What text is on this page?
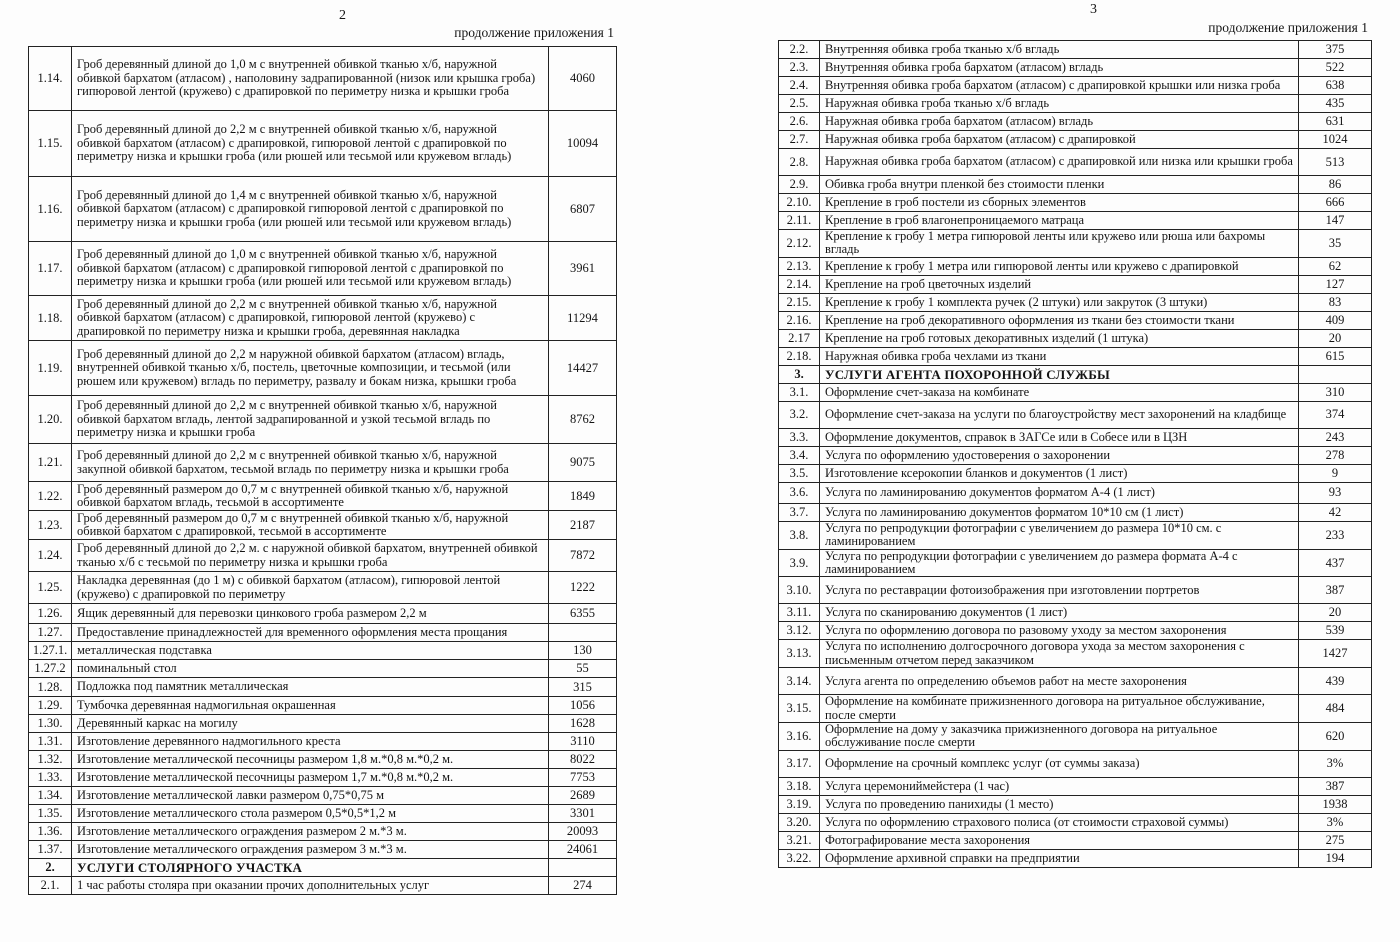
2
продолжение приложения 1
1.14.	Гроб деревянный длиной до 1,0 м с внутренней обивкой тканью х/б, наружной обивкой бархатом (атласом) , наполовину задрапированной (низок или крышка гроба) гипюровой лентой (кружево) с драпировкой по периметру низка и крышки гроба	4060
1.15.	Гроб деревянный длиной до 2,2 м с внутренней обивкой тканью х/б, наружной обивкой бархатом (атласом) с драпировкой, гипюровой лентой с драпировкой по периметру низка и крышки гроба (или рюшей или тесьмой или кружевом вгладь)	10094
1.16.	Гроб деревянный длиной до 1,4 м с внутренней обивкой тканью х/б, наружной обивкой бархатом (атласом) с драпировкой гипюровой лентой с драпировкой по периметру низка и крышки гроба (или рюшей или тесьмой или кружевом вгладь)	6807
1.17.	Гроб деревянный длиной до 1,0 м с внутренней обивкой тканью х/б, наружной обивкой бархатом (атласом) с драпировкой гипюровой лентой с драпировкой по периметру низка и крышки гроба (или рюшей или тесьмой или кружевом вгладь)	3961
1.18.	Гроб деревянный длиной до 2,2 м с внутренней обивкой тканью х/б, наружной обивкой бархатом (атласом) с драпировкой, гипюровой лентой (кружево) с драпировкой по периметру низка и крышки гроба, деревянная накладка	11294
1.19.	Гроб деревянный длиной до 2,2 м наружной обивкой бархатом (атласом) вгладь, внутренней обивкой тканью х/б, постель, цветочные композиции, и тесьмой (или рюшем или кружевом) вгладь по периметру, развалу и бокам низка, крышки гроба	14427
1.20.	Гроб деревянный длиной до 2,2 м с внутренней обивкой тканью х/б, наружной обивкой бархатом вгладь, лентой задрапированной и узкой тесьмой вгладь по периметру низка и крышки гроба	8762
1.21.	Гроб деревянный длиной до 2,2 м с внутренней обивкой тканью х/б, наружной закупной обивкой бархатом, тесьмой вгладь по периметру низка и крышки гроба	9075
1.22.	Гроб деревянный размером до 0,7 м с внутренней обивкой тканью х/б, наружной обивкой бархатом вгладь, тесьмой в ассортименте	1849
1.23.	Гроб деревянный размером до 0,7 м с внутренней обивкой тканью х/б, наружной обивкой бархатом с драпировкой, тесьмой в ассортименте	2187
1.24.	Гроб деревянный длиной до 2,2 м. с наружной обивкой бархатом, внутренней обивкой тканью х/б с тесьмой по периметру низка и крышки гроба	7872
1.25.	Накладка деревянная (до 1 м) с обивкой бархатом (атласом), гипюровой лентой (кружево) с драпировкой по периметру	1222
1.26.	Ящик деревянный для перевозки цинкового гроба размером 2,2 м	6355
1.27.	Предоставление принадлежностей для временного оформления места прощания	
1.27.1.	металлическая подставка	130
1.27.2	поминальный стол	55
1.28.	Подложка под памятник металлическая	315
1.29.	Тумбочка деревянная надмогильная окрашенная	1056
1.30.	Деревянный каркас на могилу	1628
1.31.	Изготовление деревянного надмогильного креста	3110
1.32.	Изготовление металлической песочницы размером 1,8 м.*0,8 м.*0,2 м.	8022
1.33.	Изготовление металлической песочницы размером 1,7 м.*0,8 м.*0,2 м.	7753
1.34.	Изготовление металлической лавки размером 0,75*0,75 м	2689
1.35.	Изготовление металлического стола размером 0,5*0,5*1,2 м	3301
1.36.	Изготовление металлического ограждения размером 2 м.*3 м.	20093
1.37.	Изготовление металлического ограждения размером 3 м.*3 м.	24061
2.	УСЛУГИ СТОЛЯРНОГО УЧАСТКА	
2.1.	1 час работы столяра при оказании прочих дополнительных услуг	274
3
продолжение приложения 1
2.2.	Внутренняя обивка гроба тканью х/б вгладь	375
2.3.	Внутренняя обивка гроба бархатом (атласом) вгладь	522
2.4.	Внутренняя обивка гроба бархатом (атласом) с драпировкой крышки или низка гроба	638
2.5.	Наружная обивка гроба тканью х/б вгладь	435
2.6.	Наружная обивка гроба бархатом (атласом) вгладь	631
2.7.	Наружная обивка гроба бархатом (атласом) с драпировкой	1024
2.8.	Наружная обивка гроба бархатом (атласом) с драпировкой или низка или крышки гроба	513
2.9.	Обивка гроба внутри пленкой без стоимости пленки	86
2.10.	Крепление в гроб постели из сборных элементов	666
2.11.	Крепление в гроб влагонепроницаемого матраца	147
2.12.	Крепление к гробу 1 метра гипюровой ленты или кружево или рюша или бахромы вгладь	35
2.13.	Крепление к гробу 1 метра или гипюровой ленты или кружево с драпировкой	62
2.14.	Крепление на гроб цветочных изделий	127
2.15.	Крепление к гробу 1 комплекта ручек (2 штуки) или закруток (3 штуки)	83
2.16.	Крепление на гроб декоративного оформления из ткани без стоимости ткани	409
2.17	Крепление на гроб готовых декоративных изделий (1 штука)	20
2.18.	Наружная обивка гроба чехлами из ткани	615
3.	УСЛУГИ АГЕНТА ПОХОРОННОЙ СЛУЖБЫ	
3.1.	Оформление счет-заказа на комбинате	310
3.2.	Оформление счет-заказа на услуги по благоустройству мест захоронений на кладбище	374
3.3.	Оформление документов, справок в ЗАГСе или в Собесе или в ЦЗН	243
3.4.	Услуга по оформлению удостоверения о захоронении	278
3.5.	Изготовление ксерокопии бланков и документов (1 лист)	9
3.6.	Услуга по ламинированию документов форматом А-4 (1 лист)	93
3.7.	Услуга по ламинированию документов форматом 10*10 см (1 лист)	42
3.8.	Услуга по репродукции фотографии с увеличением до размера 10*10 см. с ламинированием	233
3.9.	Услуга по репродукции фотографии с увеличением до размера формата А-4 с ламинированием	437
3.10.	Услуга по реставрации фотоизображения при изготовлении портретов	387
3.11.	Услуга по сканированию документов (1 лист)	20
3.12.	Услуга по оформлению договора по разовому уходу за местом захоронения	539
3.13.	Услуга по исполнению долгосрочного договора ухода за местом захоронения с письменным отчетом перед заказчиком	1427
3.14.	Услуга агента по определению объемов работ на месте захоронения	439
3.15.	Оформление на комбинате прижизненного договора на ритуальное обслуживание, после смерти	484
3.16.	Оформление на дому у заказчика прижизненного договора на ритуальное обслуживание после смерти	620
3.17.	Оформление на срочный комплекс услуг (от суммы заказа)	3%
3.18.	Услуга церемониймейстера (1 час)	387
3.19.	Услуга по проведению панихиды (1 место)	1938
3.20.	Услуга по оформлению страхового полиса (от стоимости страховой суммы)	3%
3.21.	Фотографирование места захоронения	275
3.22.	Оформление архивной справки на предприятии	194
